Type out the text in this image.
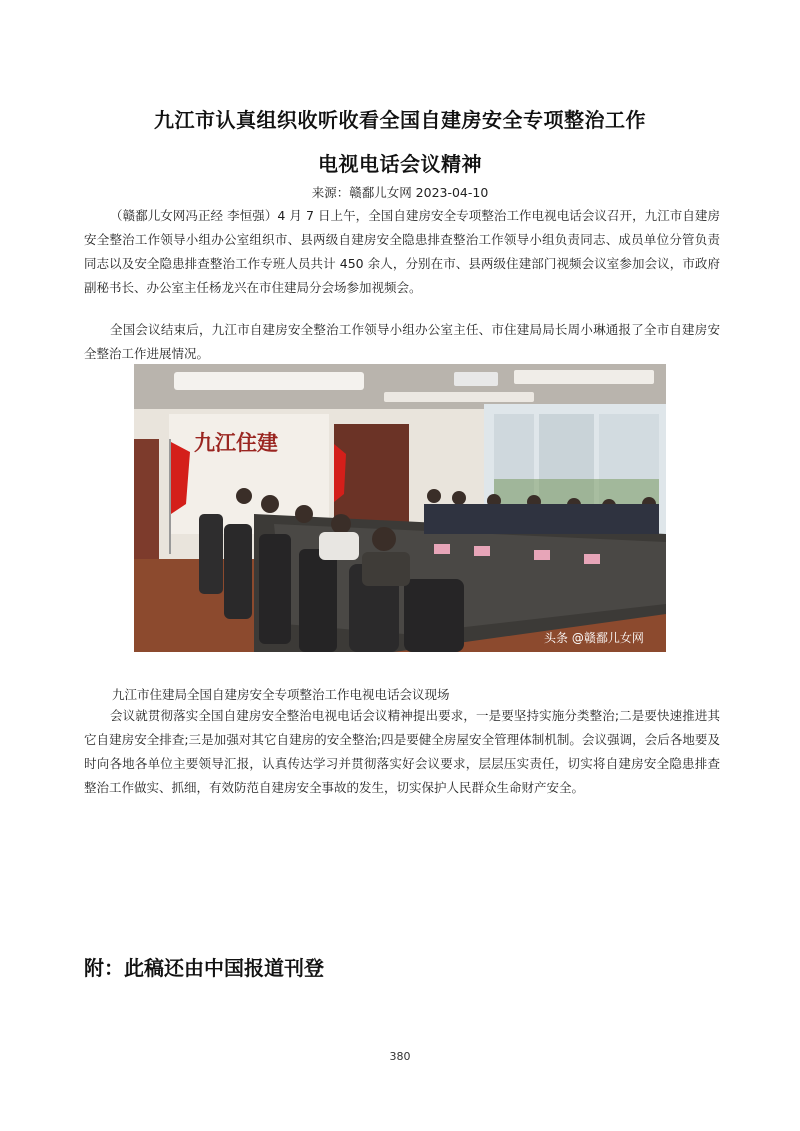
九江市认真组织收听收看全国自建房安全专项整治工作
电视电话会议精神
来源：赣鄱儿女网 2023-04-10

（赣鄱儿女网冯正经 李恒强）4 月 7 日上午，全国自建房安全专项整治工作电视电话会议召开，九江市自建房安全整治工作领导小组办公室组织市、县两级自建房安全隐患排查整治工作领导小组负责同志、成员单位分管负责同志以及安全隐患排查整治工作专班人员共计 450 余人，分别在市、县两级住建部门视频会议室参加会议，市政府副秘书长、办公室主任杨龙兴在市住建局分会场参加视频会。

全国会议结束后，九江市自建房安全整治工作领导小组办公室主任、市住建局局长周小琳通报了全市自建房安全整治工作进展情况。

九江住建
头条 @赣鄱儿女网
九江市住建局全国自建房安全专项整治工作电视电话会议现场

会议就贯彻落实全国自建房安全整治电视电话会议精神提出要求，一是要坚持实施分类整治;二是要快速推进其它自建房安全排查;三是加强对其它自建房的安全整治;四是要健全房屋安全管理体制机制。会议强调，会后各地要及时向各地各单位主要领导汇报，认真传达学习并贯彻落实好会议要求，层层压实责任，切实将自建房安全隐患排查整治工作做实、抓细，有效防范自建房安全事故的发生，切实保护人民群众生命财产安全。

附：此稿还由中国报道刊登
380
